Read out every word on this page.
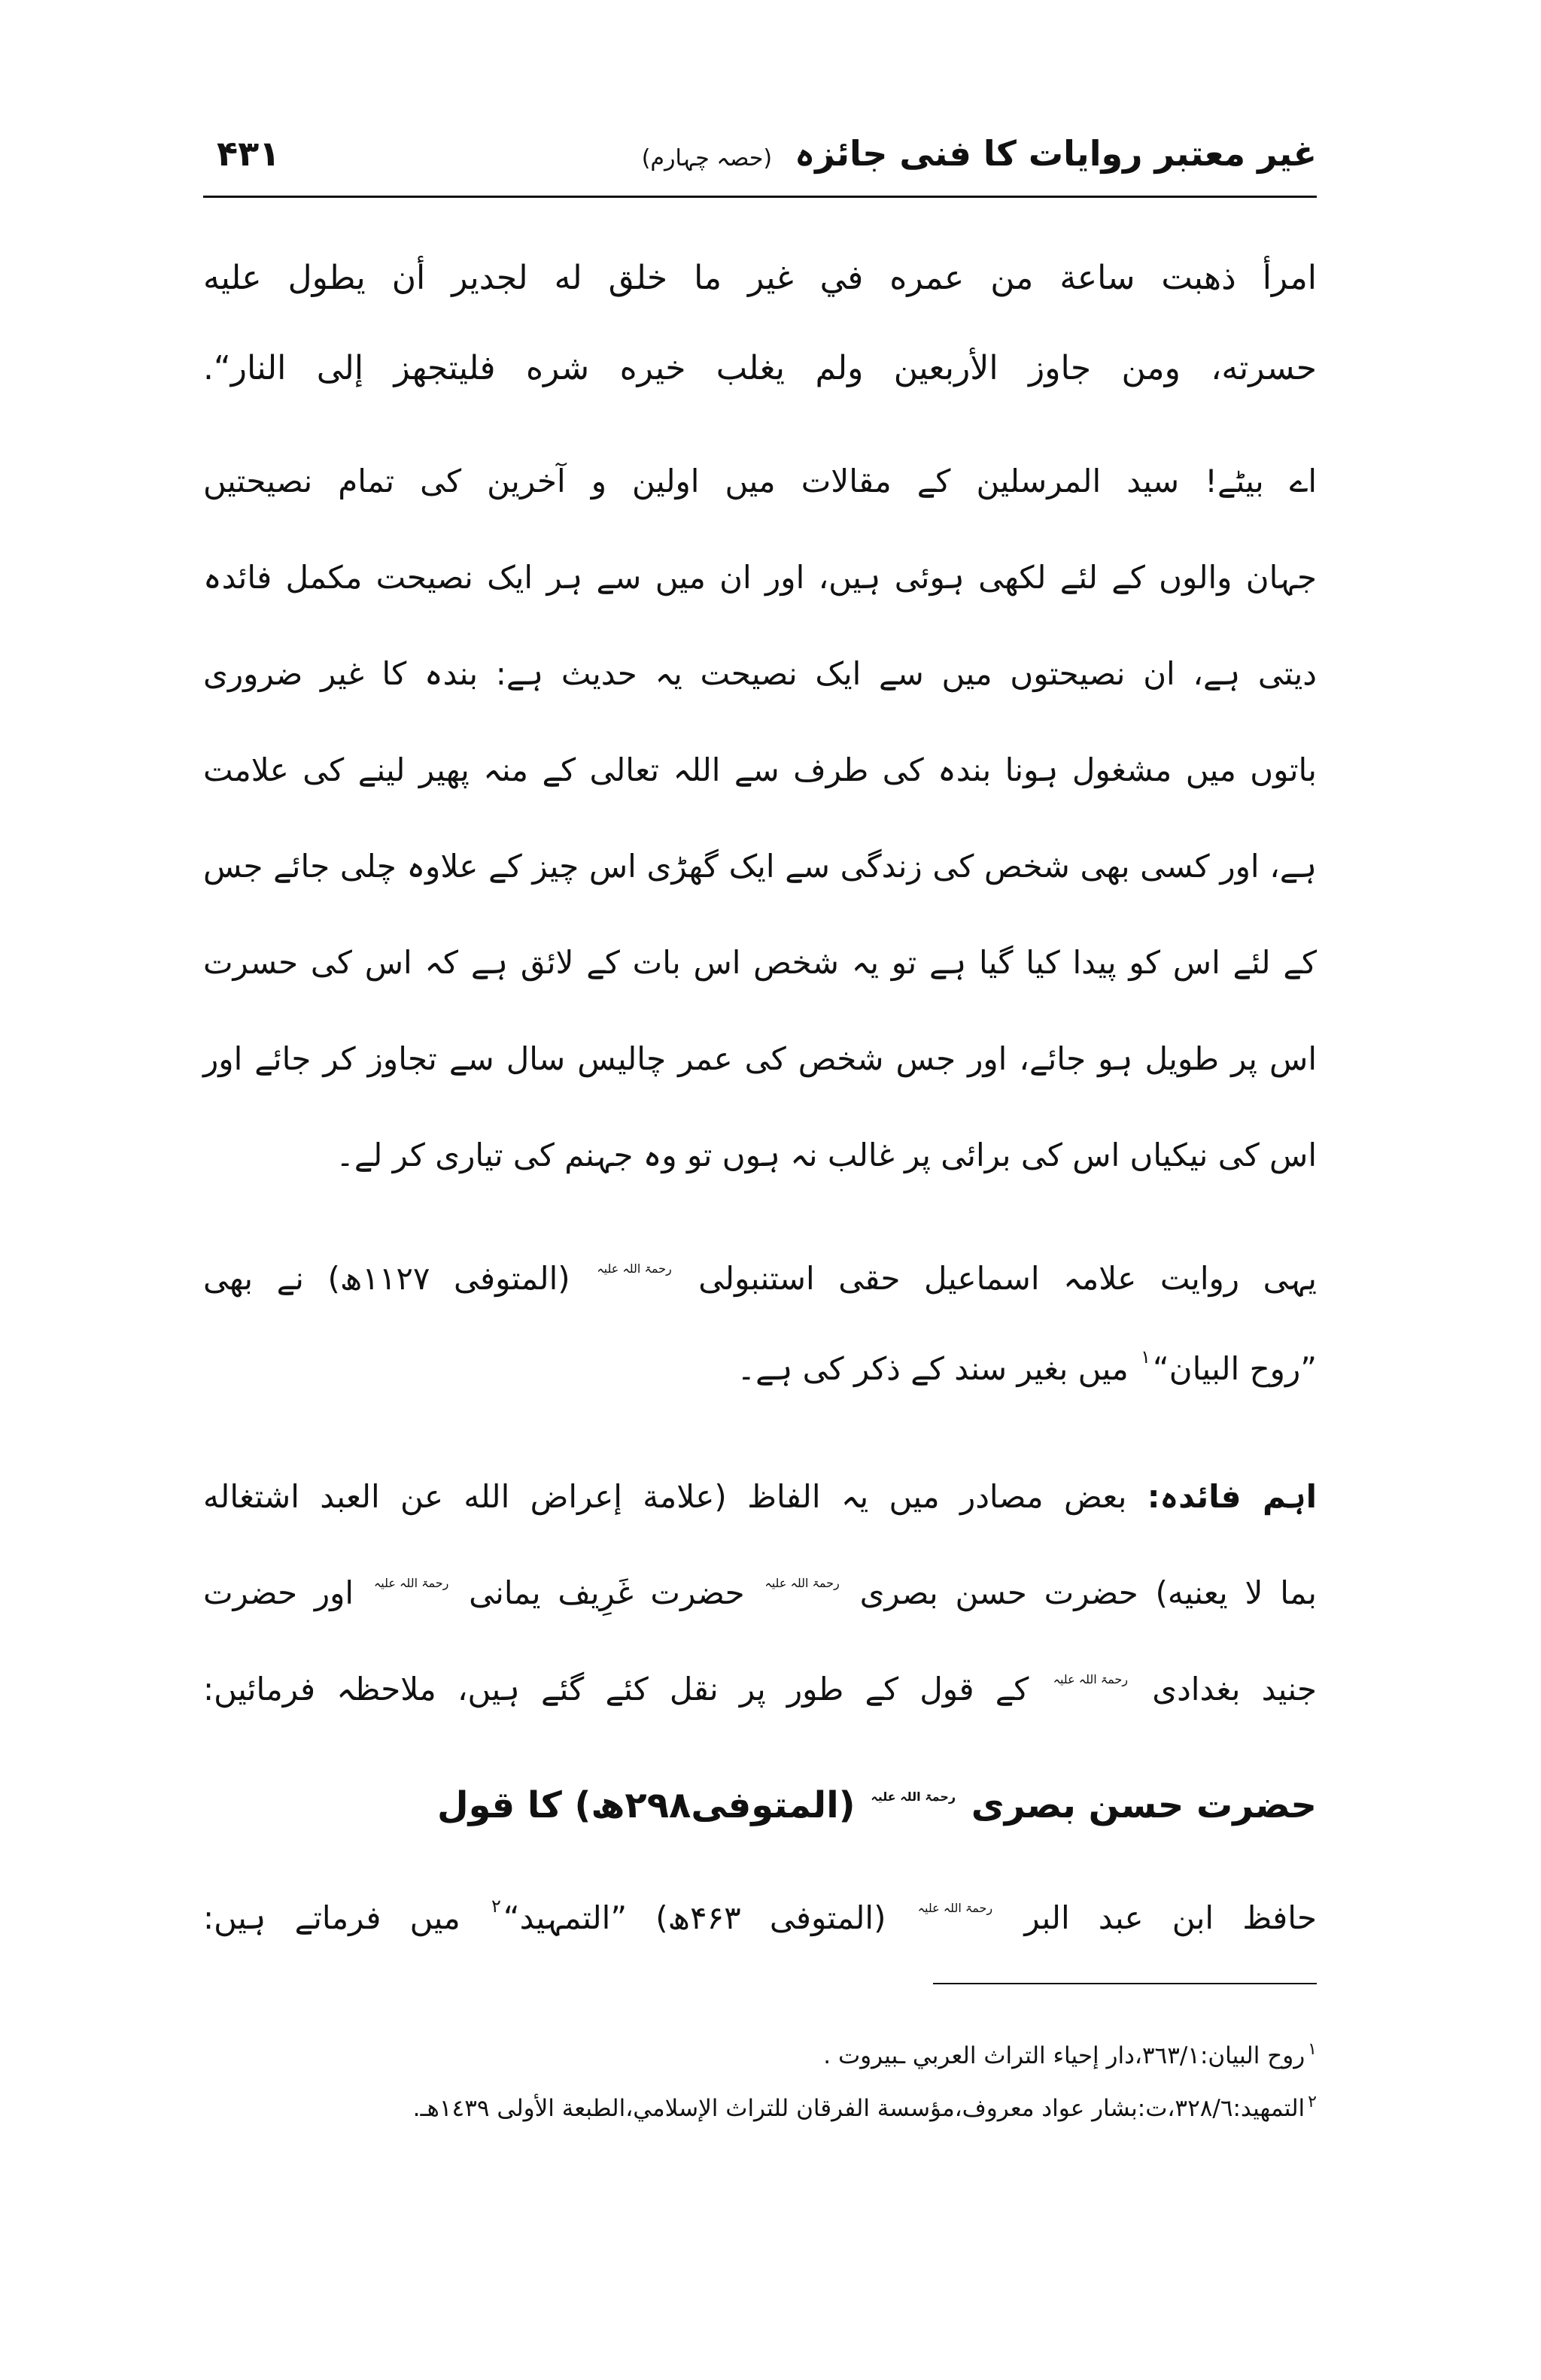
غیر معتبر روایات کا فنی جائزہ (حصہ چہارم)
۴۳۱
امرأ ذهبت ساعة من عمره في غير ما خلق له لجدير أن يطول عليه
حسرته، ومن جاوز الأربعين ولم يغلب خيره شره فليتجهز إلى النار“.
اے بیٹے! سید المرسلین کے مقالات میں اولین و آخرین کی تمام نصیحتیں
جہان والوں کے لئے لکھی ہوئی ہیں، اور ان میں سے ہر ایک نصیحت مکمل فائدہ
دیتی ہے، ان نصیحتوں میں سے ایک نصیحت یہ حدیث ہے: بندہ کا غیر ضروری
باتوں میں مشغول ہونا بندہ کی طرف سے اللہ تعالی کے منہ پھیر لینے کی علامت
ہے، اور کسی بھی شخص کی زندگی سے ایک گھڑی اس چیز کے علاوہ چلی جائے جس
کے لئے اس کو پیدا کیا گیا ہے تو یہ شخص اس بات کے لائق ہے کہ اس کی حسرت
اس پر طویل ہو جائے، اور جس شخص کی عمر چالیس سال سے تجاوز کر جائے اور
اس کی نیکیاں اس کی برائی پر غالب نہ ہوں تو وہ جہنم کی تیاری کر لے۔
یہی روایت علامہ اسماعیل حقی استنبولی رحمۃ اللہ علیہ (المتوفی ۱۱۲۷ھ) نے بھی
”روح البیان“$^۱$ میں بغیر سند کے ذکر کی ہے۔
اہم فائدہ: بعض مصادر میں یہ الفاظ (علامة إعراض الله عن العبد اشتغاله
بما لا يعنيه) حضرت حسن بصری رحمۃ اللہ علیہ حضرت غَرِیف یمانی رحمۃ اللہ علیہ اور حضرت
جنید بغدادی رحمۃ اللہ علیہ کے قول کے طور پر نقل کئے گئے ہیں، ملاحظہ فرمائیں:
حضرت حسن بصری رحمۃ اللہ علیہ (المتوفی۲۹۸ھ) کا قول
حافظ ابن عبد البر رحمۃ اللہ علیہ (المتوفی ۴۶۳ھ) ”التمہید“$^۲$ میں فرماتے ہیں:
$^۱$روح البيان:٣٦٣/١،دار إحياء التراث العربي ـبيروت .
$^۲$التمهيد:٣٢٨/٦،ت:بشار عواد معروف،مؤسسة الفرقان للتراث الإسلامي،الطبعة الأولى ١٤٣٩هـ.
